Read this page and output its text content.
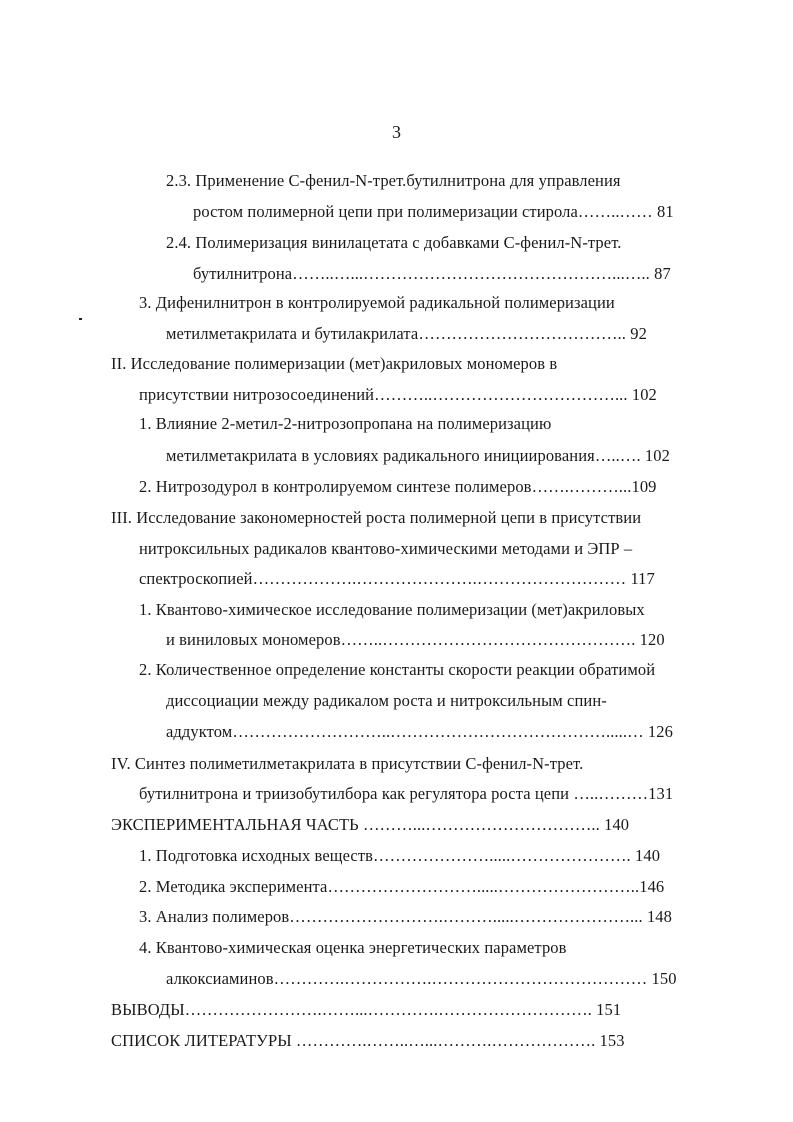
3
2.3. Применение С-фенил-N-трет.бутилнитрона для управления
ростом полимерной цепи при полимеризации стирола……..…… 81
2.4. Полимеризация винилацетата с добавками С-фенил-N-трет.
бутилнитрона……..…...………………………………………...….. 87
3. Дифенилнитрон в контролируемой радикальной полимеризации
метилметакрилата и бутилакрилата……………………………….. 92
II. Исследование полимеризации (мет)акриловых мономеров в
присутствии нитрозосоединений………..……………………………... 102
1. Влияние 2-метил-2-нитрозопропана на полимеризацию
метилметакрилата в условиях радикального инициирования…..…. 102
2. Нитрозодурол в контролируемом синтезе полимеров…….………...109
III. Исследование закономерностей роста полимерной цепи в присутствии
нитроксильных радикалов квантово-химическими методами и ЭПР –
спектроскопией……………….………………….……………………… 117
1. Квантово-химическое исследование полимеризации (мет)акриловых
и виниловых мономеров……..………………………………………. 120
2. Количественное определение константы скорости реакции обратимой
диссоциации между радикалом роста и нитроксильным спин-
аддуктом………………………..………………………………….....… 126
IV. Синтез полиметилметакрилата в присутствии С-фенил-N-трет.
бутилнитрона и триизобутилбора как регулятора роста цепи …..………131
ЭКСПЕРИМЕНТАЛЬНАЯ ЧАСТЬ ………...………………………….. 140
1. Подготовка исходных веществ………………….....…………………. 140
2. Методика эксперимента……………………….....……………………..146
3. Анализ полимеров……………………….……….....…………………... 148
4. Квантово-химическая оценка энергетических параметров
алкоксиаминов………….…………….………………………………… 150
ВЫВОДЫ…………………….……...………….………………………. 151
СПИСОК ЛИТЕРАТУРЫ ………….……..…...……….………………. 153
